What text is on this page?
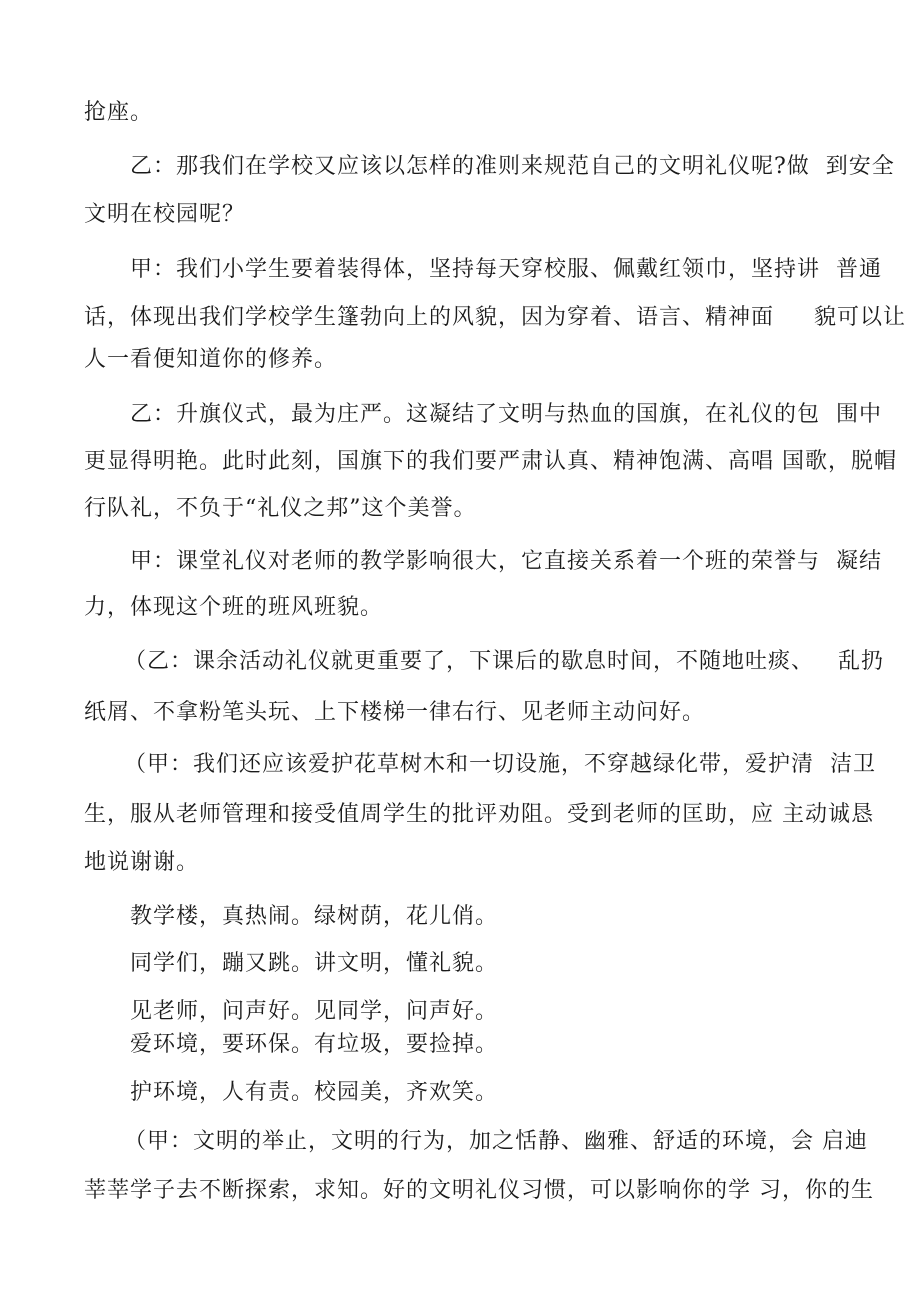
抢座。
乙：那我们在学校又应该以怎样的准则来规范自己的文明礼仪呢?做  到安全
文明在校园呢？
甲：我们小学生要着装得体，坚持每天穿校服、佩戴红领巾，坚持讲  普通
话，体现出我们学校学生篷勃向上的风貌，因为穿着、语言、精神面     貌可以让
人一看便知道你的修养。
乙：升旗仪式，最为庄严。这凝结了文明与热血的国旗，在礼仪的包  围中
更显得明艳。此时此刻，国旗下的我们要严肃认真、精神饱满、高唱 国歌，脱帽
行队礼，不负于“礼仪之邦”这个美誉。
甲：课堂礼仪对老师的教学影响很大，它直接关系着一个班的荣誉与  凝结
力，体现这个班的班风班貌。
（乙：课余活动礼仪就更重要了，下课后的歇息时间，不随地吐痰、   乱扔
纸屑、不拿粉笔头玩、上下楼梯一律右行、见老师主动问好。
（甲：我们还应该爱护花草树木和一切设施，不穿越绿化带，爱护清  洁卫
生，服从老师管理和接受值周学生的批评劝阻。受到老师的匡助，应 主动诚恳
地说谢谢。
教学楼，真热闹。绿树荫，花儿俏。
同学们，蹦又跳。讲文明，懂礼貌。
见老师，问声好。见同学，问声好。
爱环境，要环保。有垃圾，要捡掉。
护环境，人有责。校园美，齐欢笑。
（甲：文明的举止，文明的行为，加之恬静、幽雅、舒适的环境，会 启迪
莘莘学子去不断探索，求知。好的文明礼仪习惯，可以影响你的学 习，你的生
